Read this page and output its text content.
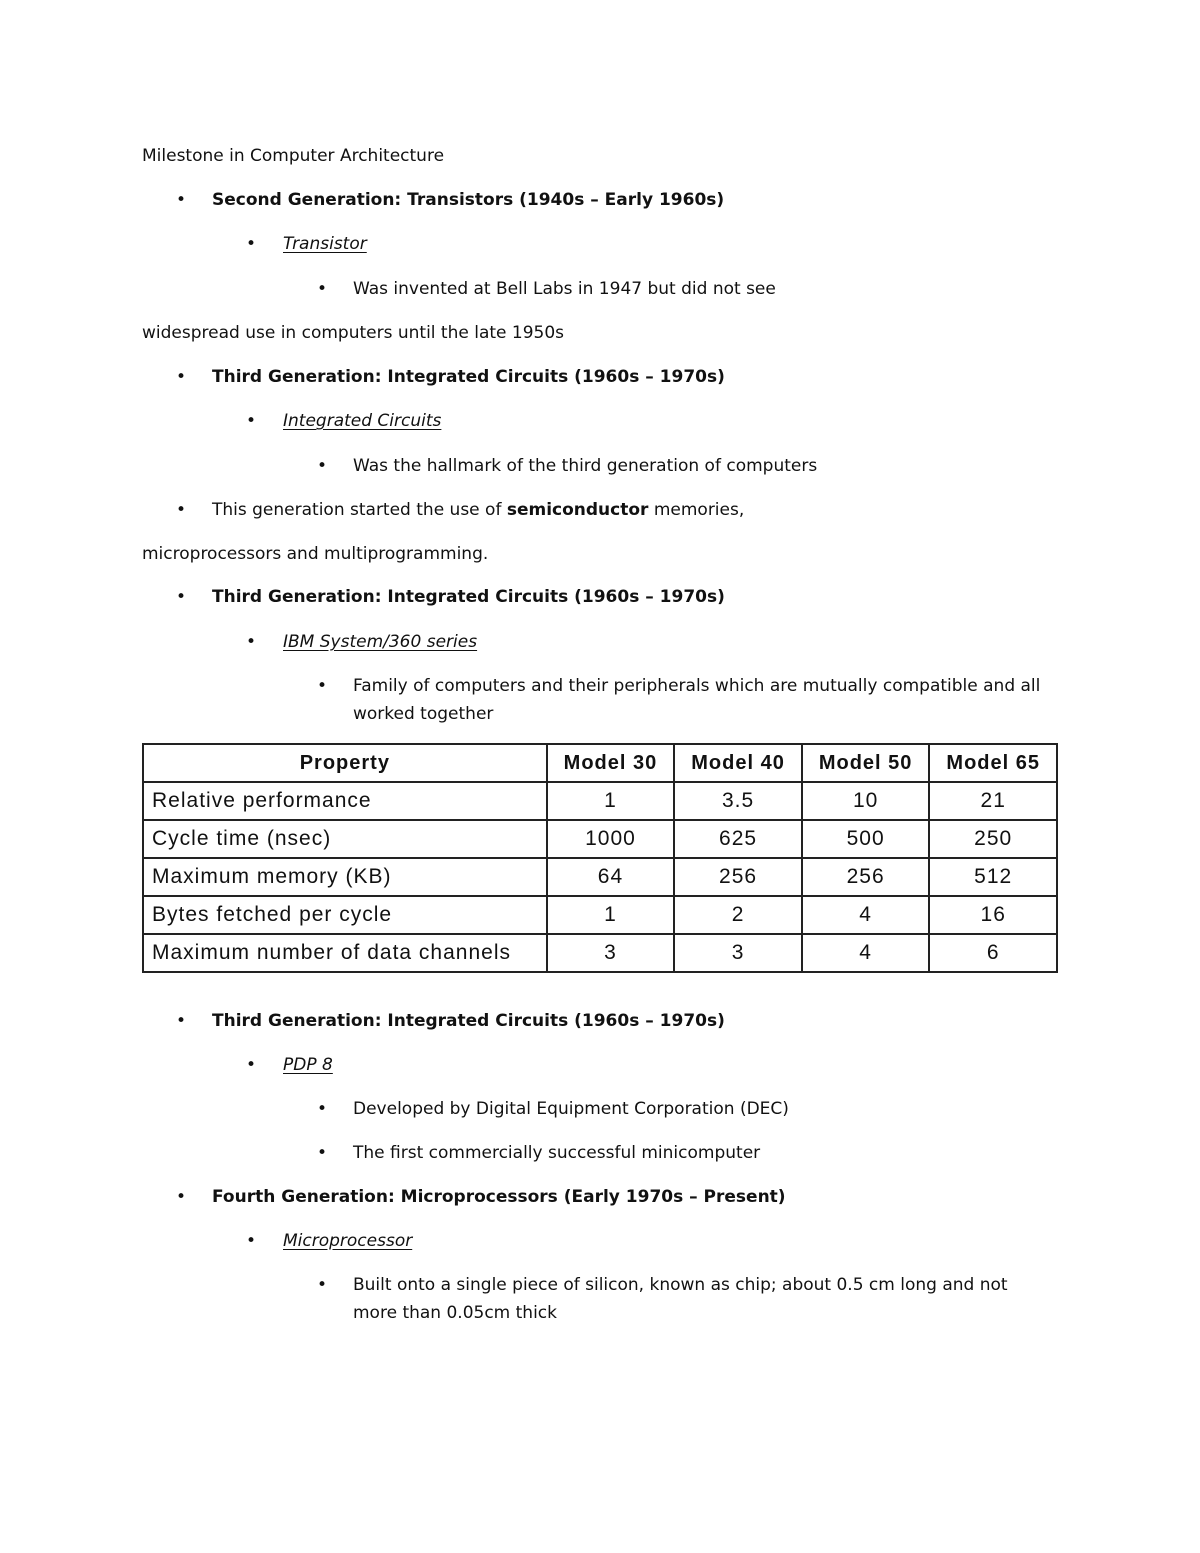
Milestone in Computer Architecture
• Second Generation: Transistors (1940s – Early 1960s)
• Transistor
• Was invented at Bell Labs in 1947 but did not see
widespread use in computers until the late 1950s
• Third Generation: Integrated Circuits (1960s – 1970s)
• Integrated Circuits
• Was the hallmark of the third generation of computers
• This generation started the use of semiconductor memories,
microprocessors and multiprogramming.
• Third Generation: Integrated Circuits (1960s – 1970s)
• IBM System/360 series
• Family of computers and their peripherals which are mutually compatible and all worked together
Property	Model 30	Model 40	Model 50	Model 65
Relative performance	1	3.5	10	21
Cycle time (nsec)	1000	625	500	250
Maximum memory (KB)	64	256	256	512
Bytes fetched per cycle	1	2	4	16
Maximum number of data channels	3	3	4	6
• Third Generation: Integrated Circuits (1960s – 1970s)
• PDP 8
• Developed by Digital Equipment Corporation (DEC)
• The first commercially successful minicomputer
• Fourth Generation: Microprocessors (Early 1970s – Present)
• Microprocessor
• Built onto a single piece of silicon, known as chip; about 0.5 cm long and not more than 0.05cm thick
